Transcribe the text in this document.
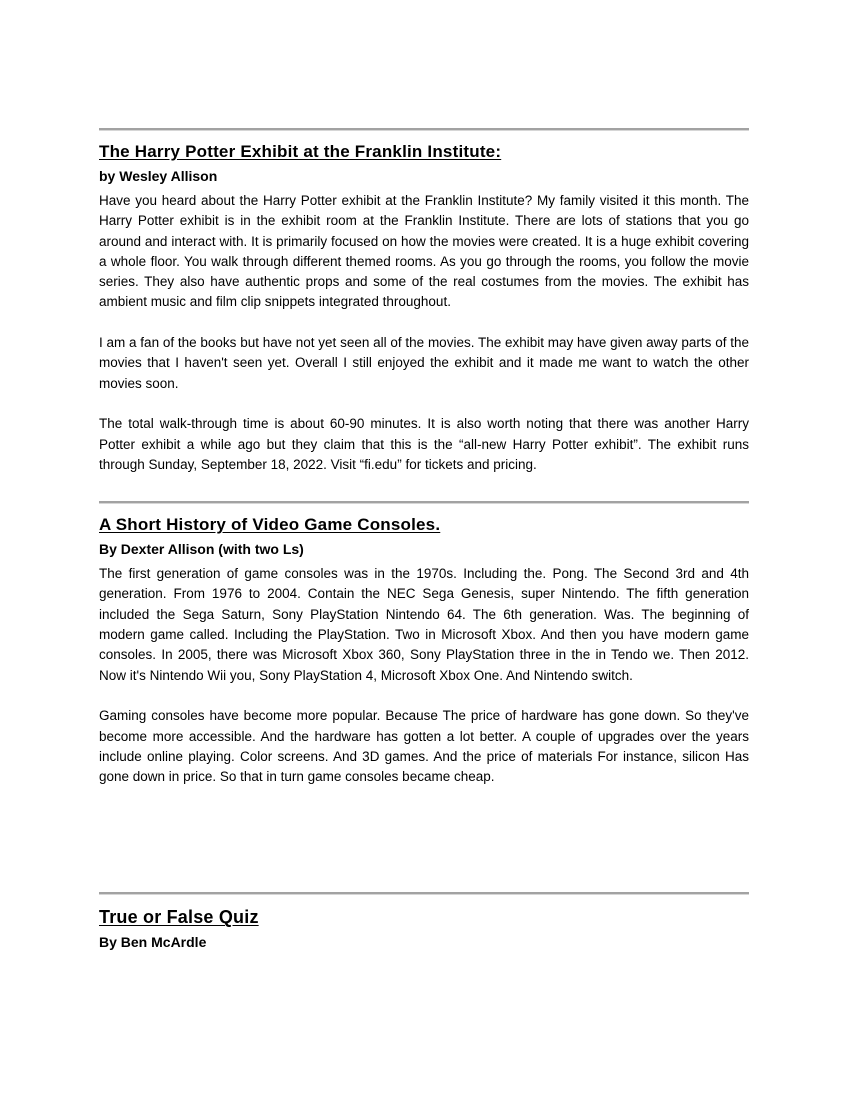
The Harry Potter Exhibit at the Franklin Institute:

by Wesley Allison

Have you heard about the Harry Potter exhibit at the Franklin Institute? My family visited it this month. The Harry Potter exhibit is in the exhibit room at the Franklin Institute. There are lots of stations that you go around and interact with. It is primarily focused on how the movies were created. It is a huge exhibit covering a whole floor. You walk through different themed rooms. As you go through the rooms, you follow the movie series. They also have authentic props and some of the real costumes from the movies. The exhibit has ambient music and film clip snippets integrated throughout.

I am a fan of the books but have not yet seen all of the movies. The exhibit may have given away parts of the movies that I haven't seen yet. Overall I still enjoyed the exhibit and it made me want to watch the other movies soon.

The total walk-through time is about 60-90 minutes. It is also worth noting that there was another Harry Potter exhibit a while ago but they claim that this is the “all-new Harry Potter exhibit”. The exhibit runs through Sunday, September 18, 2022. Visit “fi.edu” for tickets and pricing.

A Short History of Video Game Consoles.

By Dexter Allison (with two Ls)

The first generation of game consoles was in the 1970s. Including the. Pong. The Second 3rd and 4th generation. From 1976 to 2004. Contain the NEC Sega Genesis, super Nintendo. The fifth generation included the Sega Saturn, Sony PlayStation Nintendo 64. The 6th generation. Was. The beginning of modern game called. Including the PlayStation. Two in Microsoft Xbox. And then you have modern game consoles. In 2005, there was Microsoft Xbox 360, Sony PlayStation three in the in Tendo we. Then 2012. Now it's Nintendo Wii you, Sony PlayStation 4, Microsoft Xbox One. And Nintendo switch.

Gaming consoles have become more popular. Because The price of hardware has gone down. So they've become more accessible. And the hardware has gotten a lot better. A couple of upgrades over the years include online playing. Color screens. And 3D games. And the price of materials For instance, silicon Has gone down in price. So that in turn game consoles became cheap.

True or False Quiz

By Ben McArdle
